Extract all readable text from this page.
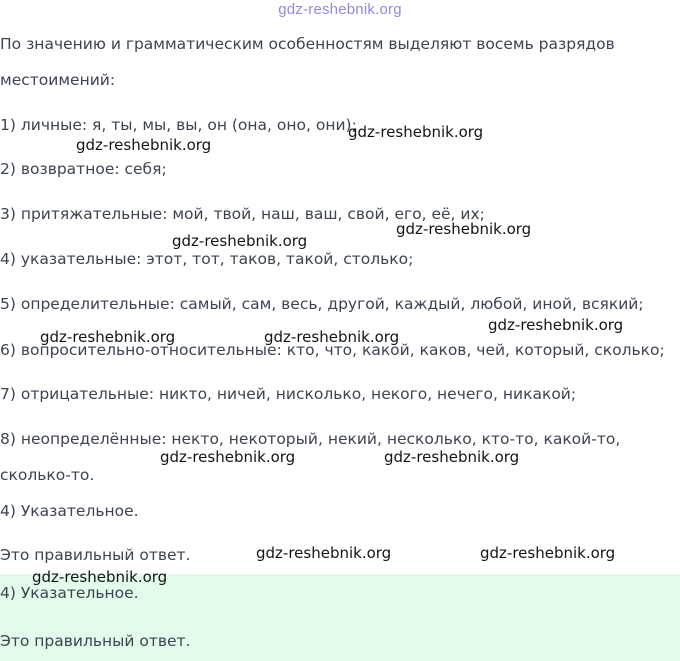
gdz-reshebnik.org
По значению и грамматическим особенностям выделяют восемь разрядов
местоимений:
1) личные: я, ты, мы, вы, он (она, оно, они);
2) возвратное: себя;
3) притяжательные: мой, твой, наш, ваш, свой, его, её, их;
4) указательные: этот, тот, таков, такой, столько;
5) определительные: самый, сам, весь, другой, каждый, любой, иной, всякий;
6) вопросительно-относительные: кто, что, какой, каков, чей, который, сколько;
7) отрицательные: никто, ничей, нисколько, некого, нечего, никакой;
8) неопределённые: некто, некоторый, некий, несколько, кто-то, какой-то,
сколько-то.
4) Указательное.
Это правильный ответ.
4) Указательное.
Это правильный ответ.
gdz-reshebnik.org
gdz-reshebnik.org
gdz-reshebnik.org
gdz-reshebnik.org
gdz-reshebnik.org
gdz-reshebnik.org	gdz-reshebnik.org
gdz-reshebnik.org	gdz-reshebnik.org
gdz-reshebnik.org	gdz-reshebnik.org
gdz-reshebnik.org
